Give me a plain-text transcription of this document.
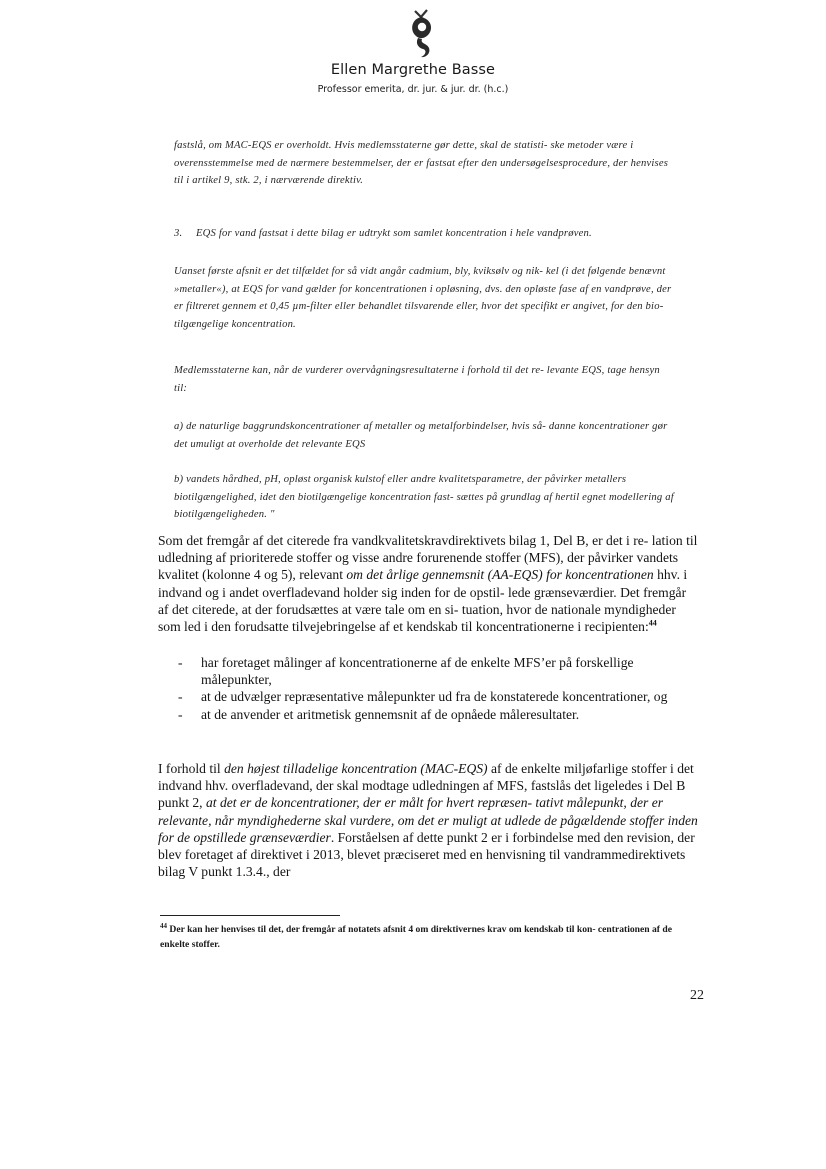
Ellen Margrethe Basse
Professor emerita, dr. jur. & jur. dr. (h.c.)

fastslå, om MAC-EQS er overholdt. Hvis medlemsstaterne gør dette, skal de statisti- ske metoder være i overensstemmelse med de nærmere bestemmelser, der er fastsat efter den undersøgelsesprocedure, der henvises til i artikel 9, stk. 2, i nærværende direktiv.

3. EQS for vand fastsat i dette bilag er udtrykt som samlet koncentration i hele vandprøven.

Uanset første afsnit er det tilfældet for så vidt angår cadmium, bly, kviksølv og nik- kel (i det følgende benævnt »metaller«), at EQS for vand gælder for koncentrationen i opløsning, dvs. den opløste fase af en vandprøve, der er filtreret gennem et 0,45 µm-filter eller behandlet tilsvarende eller, hvor det specifikt er angivet, for den bio- tilgængelige koncentration.

Medlemsstaterne kan, når de vurderer overvågningsresultaterne i forhold til det re- levante EQS, tage hensyn til:

a) de naturlige baggrundskoncentrationer af metaller og metalforbindelser, hvis så- danne koncentrationer gør det umuligt at overholde det relevante EQS

b) vandets hårdhed, pH, opløst organisk kulstof eller andre kvalitetsparametre, der påvirker metallers biotilgængelighed, idet den biotilgængelige koncentration fast- sættes på grundlag af hertil egnet modellering af biotilgængeligheden. "

Som det fremgår af det citerede fra vandkvalitetskravdirektivets bilag 1, Del B, er det i re- lation til udledning af prioriterede stoffer og visse andre forurenende stoffer (MFS), der påvirker vandets kvalitet (kolonne 4 og 5), relevant om det årlige gennemsnit (AA-EQS) for koncentrationen hhv. i indvand og i andet overfladevand holder sig inden for de opstil- lede grænseværdier. Det fremgår af det citerede, at der forudsættes at være tale om en si- tuation, hvor de nationale myndigheder som led i den forudsatte tilvejebringelse af et kendskab til koncentrationerne i recipienten:$^{44}$

- har foretaget målinger af koncentrationerne af de enkelte MFS’er på forskellige målepunkter,
- at de udvælger repræsentative målepunkter ud fra de konstaterede koncentrationer, og
- at de anvender et aritmetisk gennemsnit af de opnåede måleresultater.

I forhold til den højest tilladelige koncentration (MAC-EQS) af de enkelte miljøfarlige stoffer i det indvand hhv. overfladevand, der skal modtage udledningen af MFS, fastslås det ligeledes i Del B punkt 2, at det er de koncentrationer, der er målt for hvert repræsen- tativt målepunkt, der er relevante, når myndighederne skal vurdere, om det er muligt at udlede de pågældende stoffer inden for de opstillede grænseværdier. Forståelsen af dette punkt 2 er i forbindelse med den revision, der blev foretaget af direktivet i 2013, blevet præciseret med en henvisning til vandrammedirektivets bilag V punkt 1.3.4., der

$^{44}$ Der kan her henvises til det, der fremgår af notatets afsnit 4 om direktivernes krav om kendskab til kon- centrationen af de enkelte stoffer.

22
